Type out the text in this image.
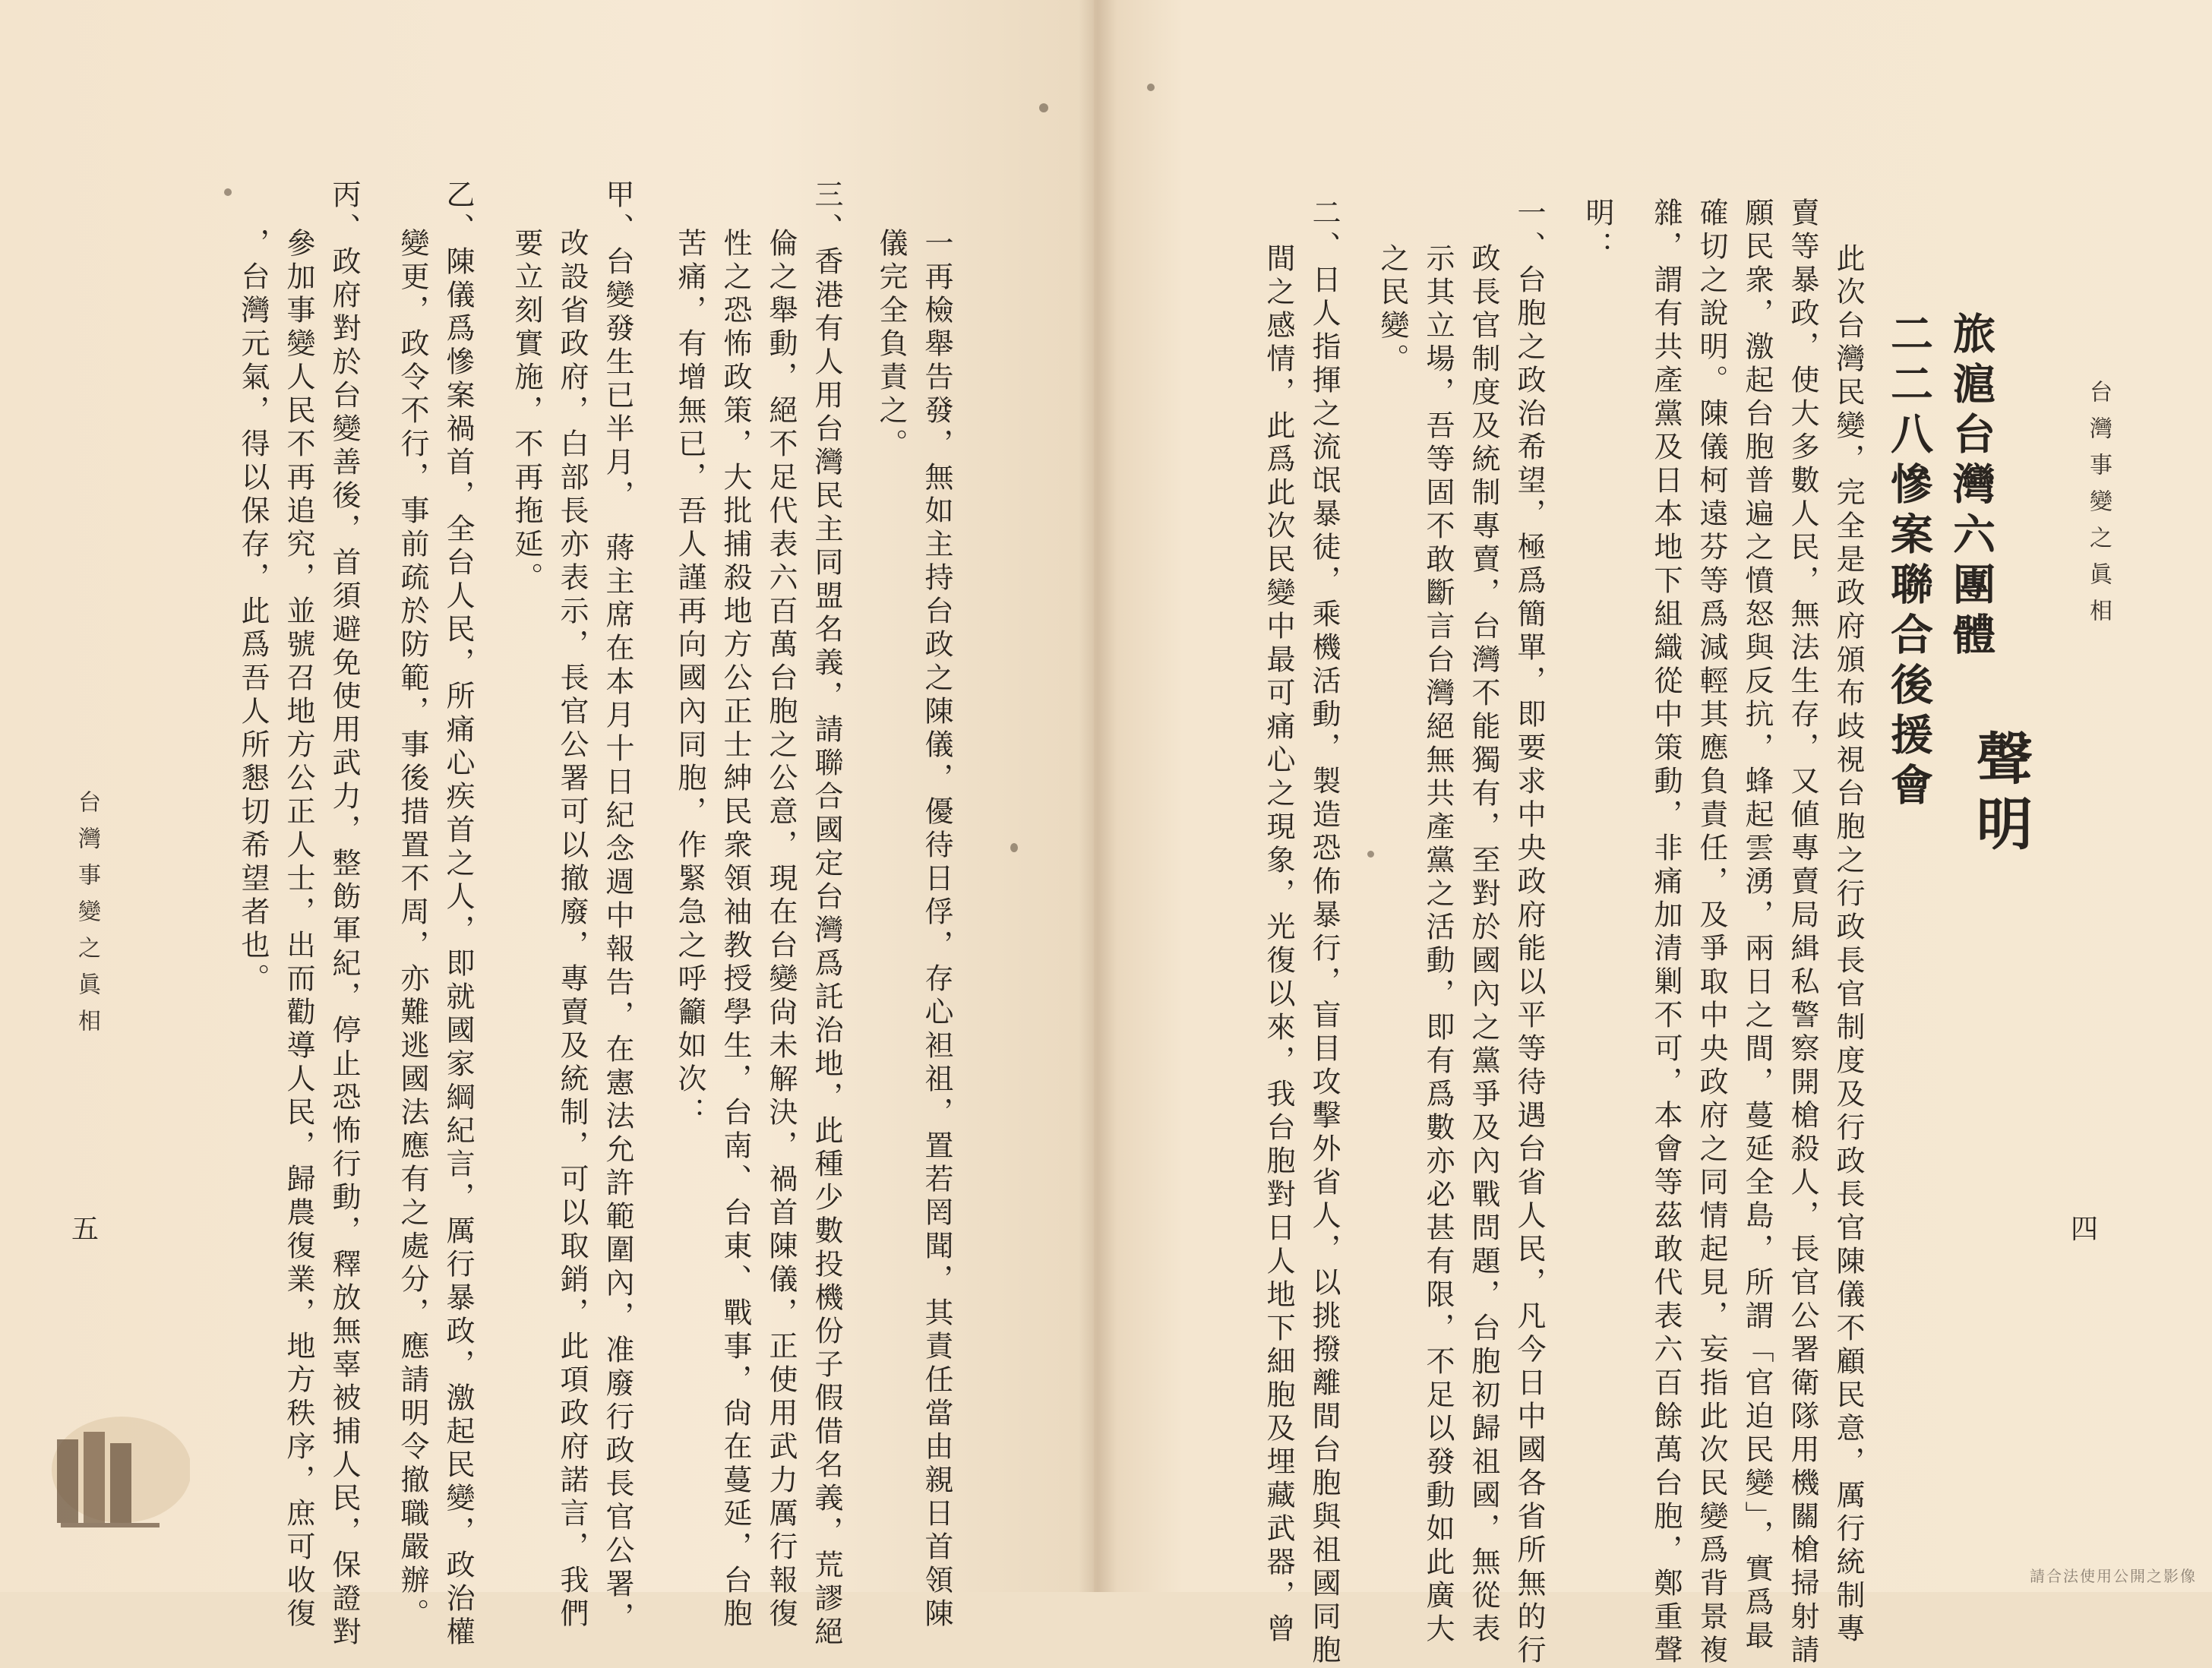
台灣事變之眞相
五	一再檢舉告發，無如主持台政之陳儀，優待日俘，存心袒祖，置若罔聞，其責任當由親日首領陳
儀完全負責之。
三、香港有人用台灣民主同盟名義，請聯合國定台灣爲託治地，此種少數投機份子假借名義，荒謬絕
倫之舉動，絕不足代表六百萬台胞之公意，現在台變尙未解決，禍首陳儀，正使用武力厲行報復
性之恐怖政策，大批捕殺地方公正士紳民衆領袖教授學生，台南、台東、戰事，尙在蔓延，台胞
苦痛，有增無已，吾人謹再向國內同胞，作緊急之呼籲如次：
甲、台變發生已半月，　蔣主席在本月十日紀念週中報告，在憲法允許範圍內，准廢行政長官公署，
改設省政府，白部長亦表示，長官公署可以撤廢，專賣及統制，可以取銷，此項政府諾言，我們
要立刻實施，不再拖延。
乙、陳儀爲慘案禍首，全台人民，所痛心疾首之人，即就國家綱紀言，厲行暴政，激起民變，政治權
變更，政令不行，事前疏於防範，事後措置不周，亦難逃國法應有之處分，應請明令撤職嚴辦。
丙、政府對於台變善後，首須避免使用武力，整飭軍紀，停止恐怖行動，釋放無辜被捕人民，保證對
參加事變人民不再追究，並號召地方公正人士，出而勸導人民，歸農復業，地方秩序，庶可收復
，台灣元氣，得以保存，此爲吾人所懇切希望者也。	台灣事變之眞相
四
旅滬台灣六團體
二二八慘案聯合後援會 聲明
此次台灣民變，完全是政府頒布歧視台胞之行政長官制度及行政長官陳儀不顧民意，厲行統制專
賣等暴政，使大多數人民，無法生存，又値專賣局緝私警察開槍殺人，長官公署衛隊用機關槍掃射請
願民衆，激起台胞普遍之憤怒與反抗，蜂起雲湧，兩日之間，蔓延全島，所謂「官迫民變」，實爲最
確切之說明。陳儀柯遠芬等爲減輕其應負責任，及爭取中央政府之同情起見，妄指此次民變爲背景複
雜，謂有共產黨及日本地下組織從中策動，非痛加清剿不可，本會等茲敢代表六百餘萬台胞，鄭重聲
明：
一、台胞之政治希望，極爲簡單，即要求中央政府能以平等待遇台省人民，凡今日中國各省所無的行
政長官制度及統制專賣，台灣不能獨有，至對於國內之黨爭及內戰問題，台胞初歸祖國，無從表
示其立場，吾等固不敢斷言台灣絕無共產黨之活動，即有爲數亦必甚有限，不足以發動如此廣大
之民變。
二、日人指揮之流氓暴徒，乘機活動，製造恐佈暴行，盲目攻擊外省人，以挑撥離間台胞與祖國同胞
間之感情，此爲此次民變中最可痛心之現象，光復以來，我台胞對日人地下細胞及埋藏武器，曾	請合法使用公開之影像
